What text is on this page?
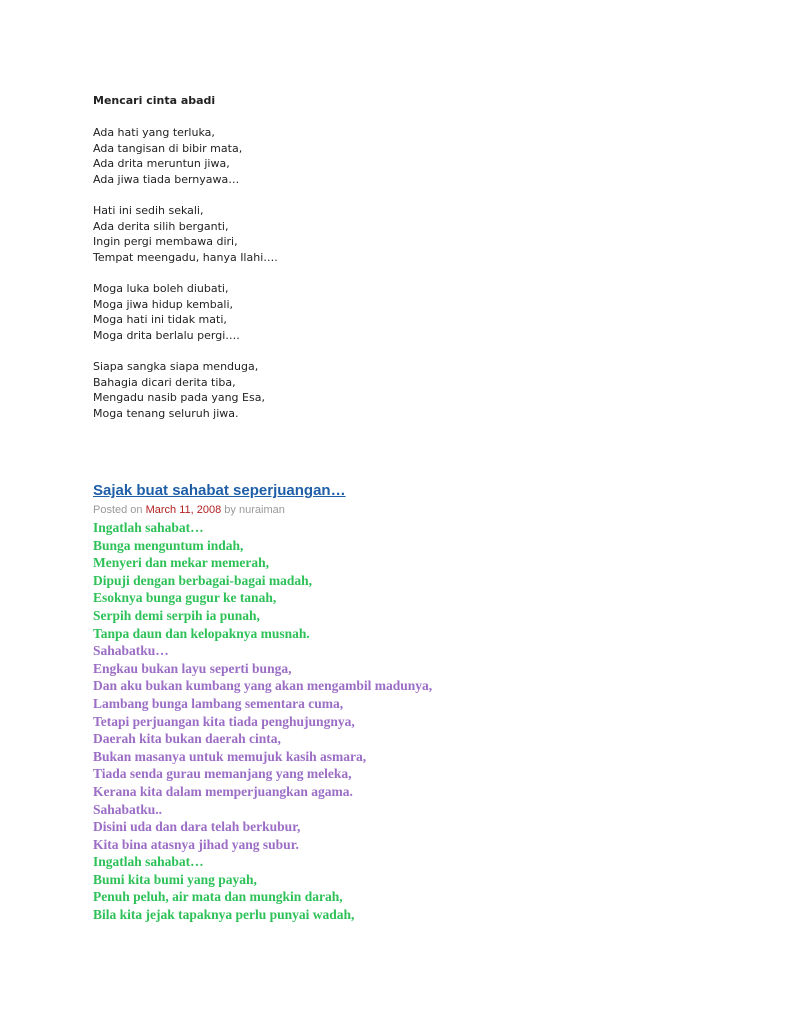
Mencari cinta abadi
Ada hati yang terluka,
Ada tangisan di bibir mata,
Ada drita meruntun jiwa,
Ada jiwa tiada bernyawa…
Hati ini sedih sekali,
Ada derita silih berganti,
Ingin pergi membawa diri,
Tempat meengadu, hanya Ilahi….
Moga luka boleh diubati,
Moga jiwa hidup kembali,
Moga hati ini tidak mati,
Moga drita berlalu pergi….
Siapa sangka siapa menduga,
Bahagia dicari derita tiba,
Mengadu nasib pada yang Esa,
Moga tenang seluruh jiwa.
Sajak buat sahabat seperjuangan…
Posted on March 11, 2008 by nuraiman
Ingatlah sahabat…
Bunga menguntum indah,
Menyeri dan mekar memerah,
Dipuji dengan berbagai-bagai madah,
Esoknya bunga gugur ke tanah,
Serpih demi serpih ia punah,
Tanpa daun dan kelopaknya musnah.
Sahabatku…
Engkau bukan layu seperti bunga,
Dan aku bukan kumbang yang akan mengambil madunya,
Lambang bunga lambang sementara cuma,
Tetapi perjuangan kita tiada penghujungnya,
Daerah kita bukan daerah cinta,
Bukan masanya untuk memujuk kasih asmara,
Tiada senda gurau memanjang yang meleka,
Kerana kita dalam memperjuangkan agama.
Sahabatku..
Disini uda dan dara telah berkubur,
Kita bina atasnya jihad yang subur.
Ingatlah sahabat…
Bumi kita bumi yang payah,
Penuh peluh, air mata dan mungkin darah,
Bila kita jejak tapaknya perlu punyai wadah,
